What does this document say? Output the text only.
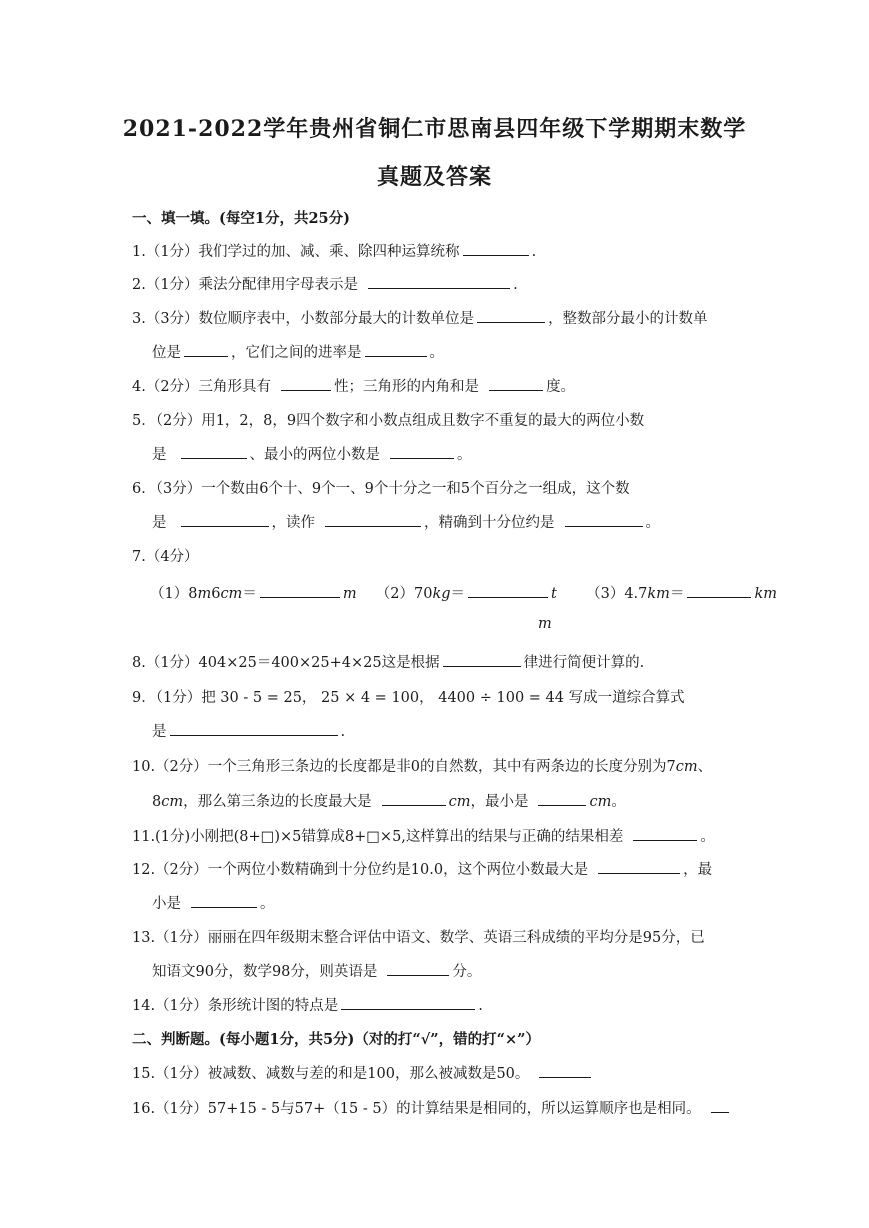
2021-2022学年贵州省铜仁市思南县四年级下学期期末数学
真题及答案
一、填一填。(每空1分，共25分)
1.（1分）我们学过的加、减、乘、除四种运算统称	.
2.（1分）乘法分配律用字母表示是	.
3.（3分）数位顺序表中，小数部分最大的计数单位是	，整数部分最小的计数单
位是	，它们之间的进率是	。
4.（2分）三角形具有	性；三角形的内角和是	度。
5．（2分）用1，2，8，9四个数字和小数点组成且数字不重复的最大的两位小数
是	、最小的两位小数是	。
6．（3分）一个数由6个十、9个一、9个十分之一和5个百分之一组成，这个数
是	，读作	，精确到十分位约是	。
7.（4分）
（1）8m6cm＝	m （2）70kg＝	t （3）4.7km＝	km
m
8.（1分）404×25＝400×25+4×25这是根据	律进行简便计算的.
9．（1分）把 30 - 5 = 25， 25 × 4 = 100， 4400 ÷ 100 = 44 写成一道综合算式
是	.
10.（2分）一个三角形三条边的长度都是非0的自然数，其中有两条边的长度分别为7cm、
8cm，那么第三条边的长度最大是	cm，最小是	cm。
11.(1分)小刚把(8+□)×5错算成8+□×5,这样算出的结果与正确的结果相差	。
12.（2分）一个两位小数精确到十分位约是10.0，这个两位小数最大是	，最
小是	。
13.（1分）丽丽在四年级期末整合评估中语文、数学、英语三科成绩的平均分是95分，已
知语文90分，数学98分，则英语是	分。
14.（1分）条形统计图的特点是	.
二、判断题。(每小题1分，共5分)（对的打“√”，错的打“×”）
15.（1分）被减数、减数与差的和是100，那么被减数是50。
16.（1分）57+15 - 5与57+（15 - 5）的计算结果是相同的，所以运算顺序也是相同。
